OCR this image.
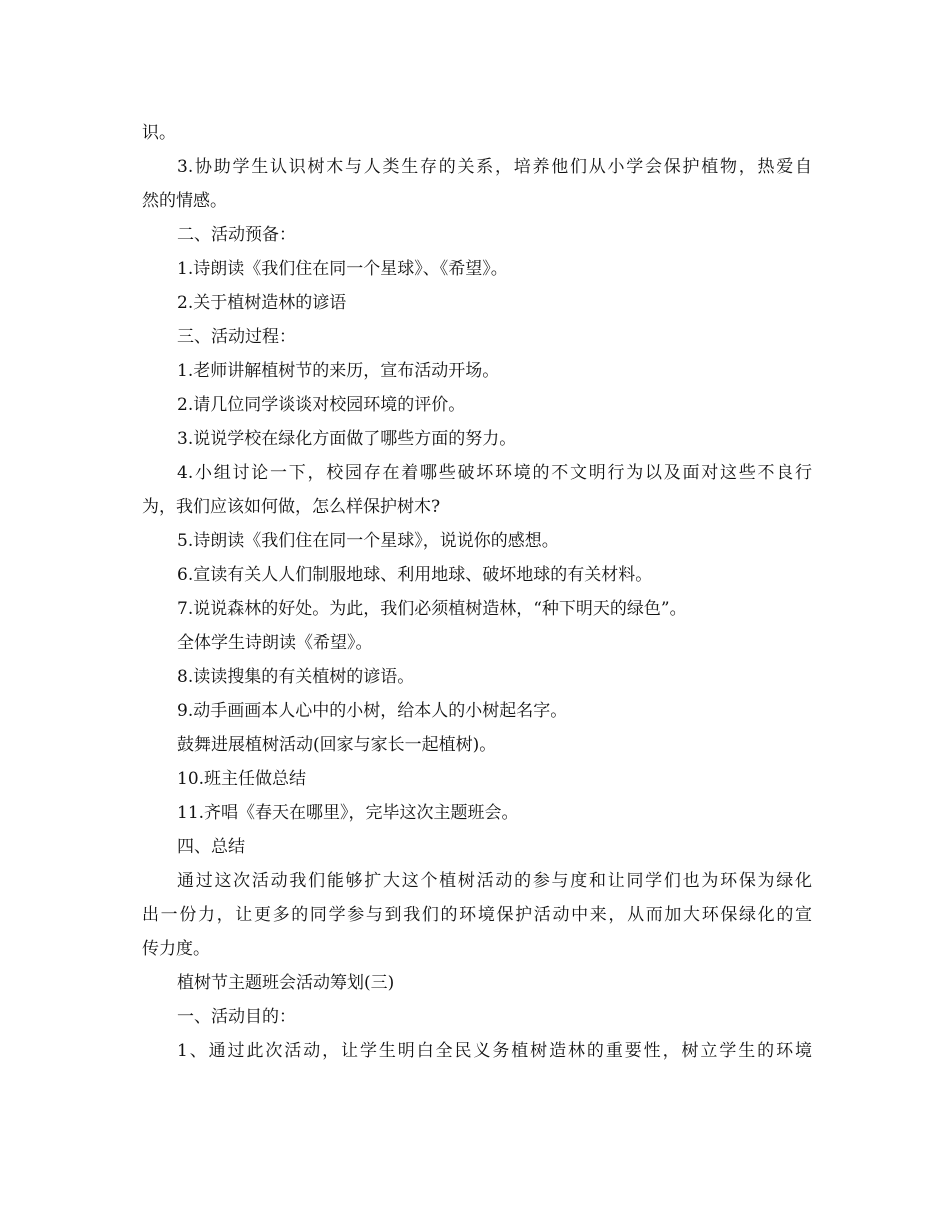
识。
3.协助学生认识树木与人类生存的关系，培养他们从小学会保护植物，热爱自
然的情感。
二、活动预备：
1.诗朗读《我们住在同一个星球》、《希望》。
2.关于植树造林的谚语
三、活动过程：
1.老师讲解植树节的来历，宣布活动开场。
2.请几位同学谈谈对校园环境的评价。
3.说说学校在绿化方面做了哪些方面的努力。
4.小组讨论一下，校园存在着哪些破坏环境的不文明行为以及面对这些不良行
为，我们应该如何做，怎么样保护树木?
5.诗朗读《我们住在同一个星球》，说说你的感想。
6.宣读有关人人们制服地球、利用地球、破坏地球的有关材料。
7.说说森林的好处。为此，我们必须植树造林，“种下明天的绿色”。
全体学生诗朗读《希望》。
8.读读搜集的有关植树的谚语。
9.动手画画本人心中的小树，给本人的小树起名字。
鼓舞进展植树活动(回家与家长一起植树)。
10.班主任做总结
11.齐唱《春天在哪里》，完毕这次主题班会。
四、总结
通过这次活动我们能够扩大这个植树活动的参与度和让同学们也为环保为绿化
出一份力，让更多的同学参与到我们的环境保护活动中来，从而加大环保绿化的宣
传力度。
植树节主题班会活动筹划(三)
一、活动目的：
1、通过此次活动，让学生明白全民义务植树造林的重要性，树立学生的环境
